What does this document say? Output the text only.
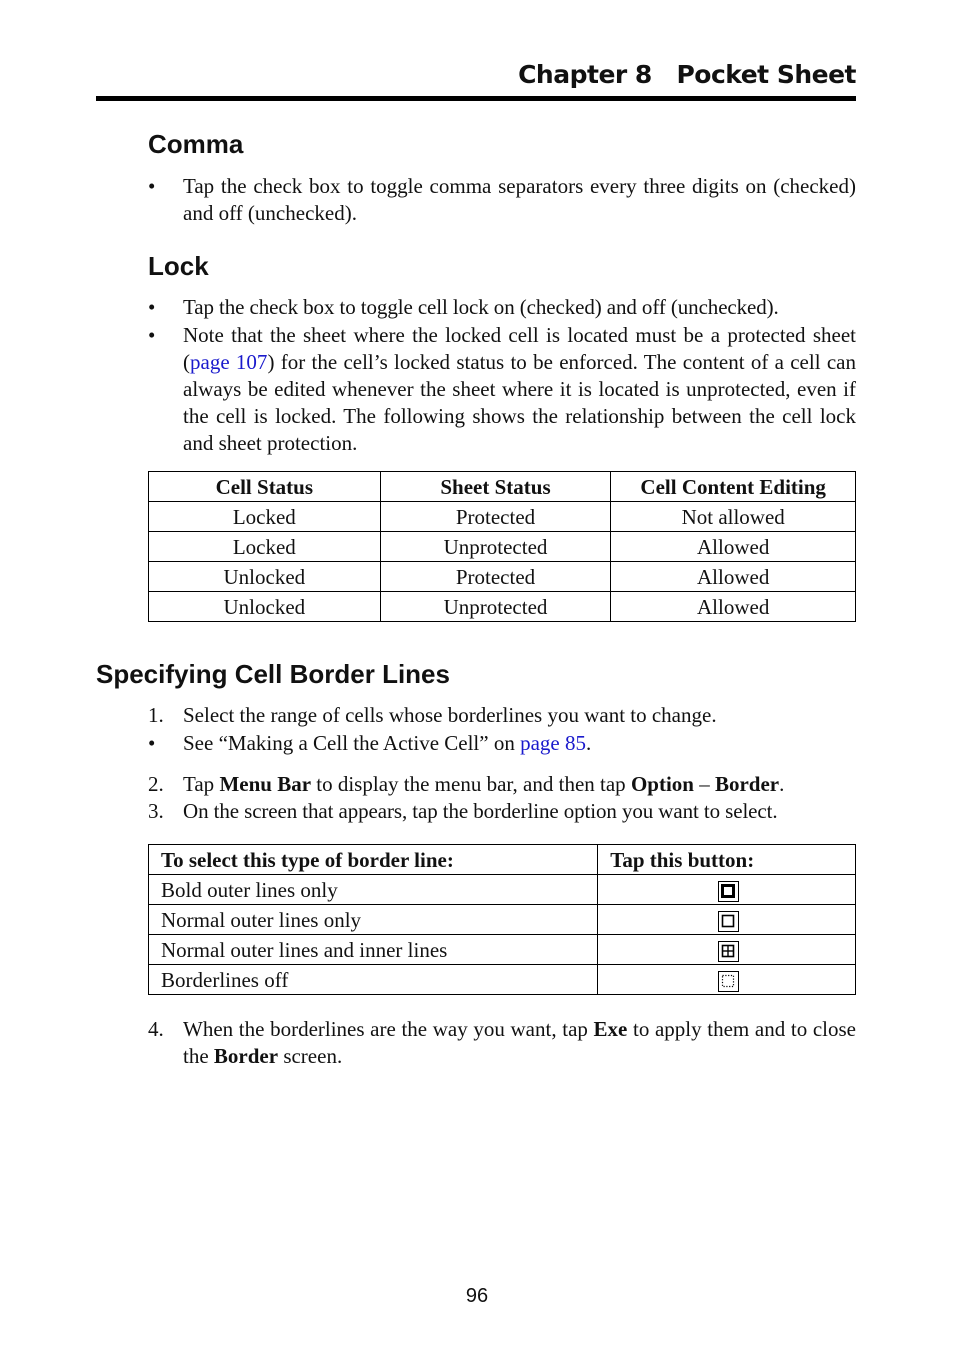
Chapter 8 Pocket Sheet
Comma
• Tap the check box to toggle comma separators every three digits on (checked) and off (unchecked).
Lock
• Tap the check box to toggle cell lock on (checked) and off (unchecked).
• Note that the sheet where the locked cell is located must be a protected sheet (page 107) for the cell’s locked status to be enforced. The content of a cell can always be edited whenever the sheet where it is located is unprotected, even if the cell is locked. The following shows the relationship between the cell lock and sheet protection.
Cell Status	Sheet Status	Cell Content Editing
Locked	Protected	Not allowed
Locked	Unprotected	Allowed
Unlocked	Protected	Allowed
Unlocked	Unprotected	Allowed
Specifying Cell Border Lines
1. Select the range of cells whose borderlines you want to change.
• See “Making a Cell the Active Cell” on page 85.
2. Tap Menu Bar to display the menu bar, and then tap Option – Border.
3. On the screen that appears, tap the borderline option you want to select.
To select this type of border line:	Tap this button:
Bold outer lines only	

Normal outer lines only	

Normal outer lines and inner lines	

Borderlines off	
4. When the borderlines are the way you want, tap Exe to apply them and to close the Border screen.
96
